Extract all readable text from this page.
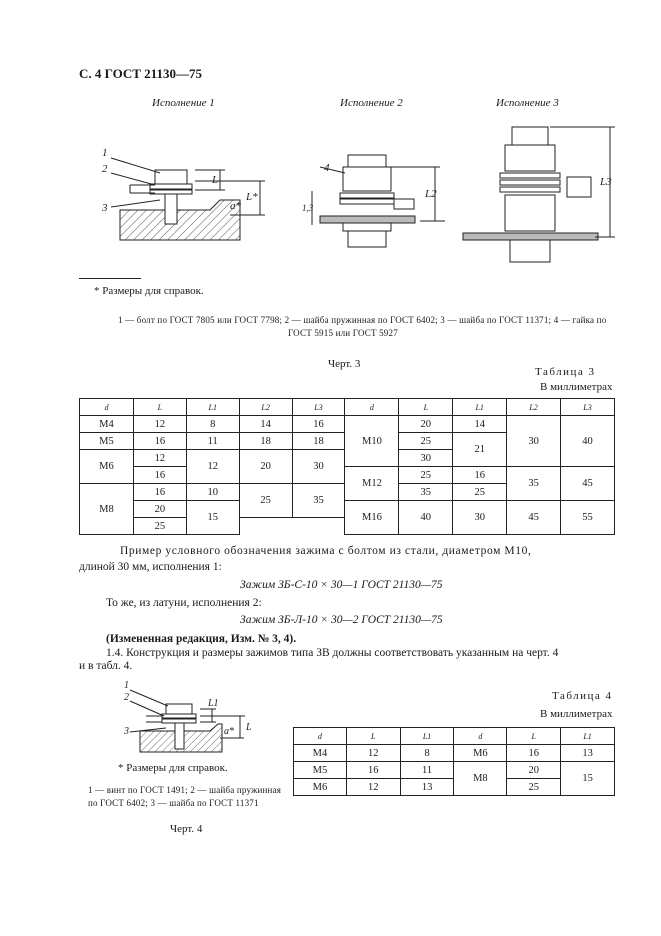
С. 4 ГОСТ 21130—75
Исполнение 1	Исполнение 2	Исполнение 3
1
2
3
4
L
L*
a*	1,3
L2
L3
* Размеры для справок.
1 — болт по ГОСТ 7805 или ГОСТ 7798; 2 — шайба пружинная по ГОСТ 6402; 3 — шайба по ГОСТ 11371; 4 — гайка по
ГОСТ 5915 или ГОСТ 5927
Черт. 3
Таблица 3
В миллиметрах
d	L	L1	L2	L3	d	L	L1	L2	L3
M4	12	8	14	16	M10	20	14	30	40
M5	16	11	18	18		25	21		
M6	12	12	20	30		30			
	16				M12	25	16	35	45
M8	16	10	25	35		35	25		
	20	15			M16	40	30	45	55
	25								
Пример условного обозначения зажима с болтом из стали, диаметром М10,
длиной 30 мм, исполнения 1:
Зажим ЗБ-С-10 × 30—1 ГОСТ 21130—75
То же, из латуни, исполнения 2:
Зажим ЗБ-Л-10 × 30—2 ГОСТ 21130—75
(Измененная редакция, Изм. № 3, 4).
1.4. Конструкция и размеры зажимов типа ЗВ должны соответствовать указанным на черт. 4
и в табл. 4.
1
2
3	L
a*
L1
* Размеры для справок.
1 — винт по ГОСТ 1491; 2 — шайба пружинная
по ГОСТ 6402; 3 — шайба по ГОСТ 11371
Черт. 4
Таблица 4
В миллиметрах
d	L	L1	d	L	L1
M4	12	8	M6	16	13
M5	16	11	M8	20	15
M6	12	13		25	
